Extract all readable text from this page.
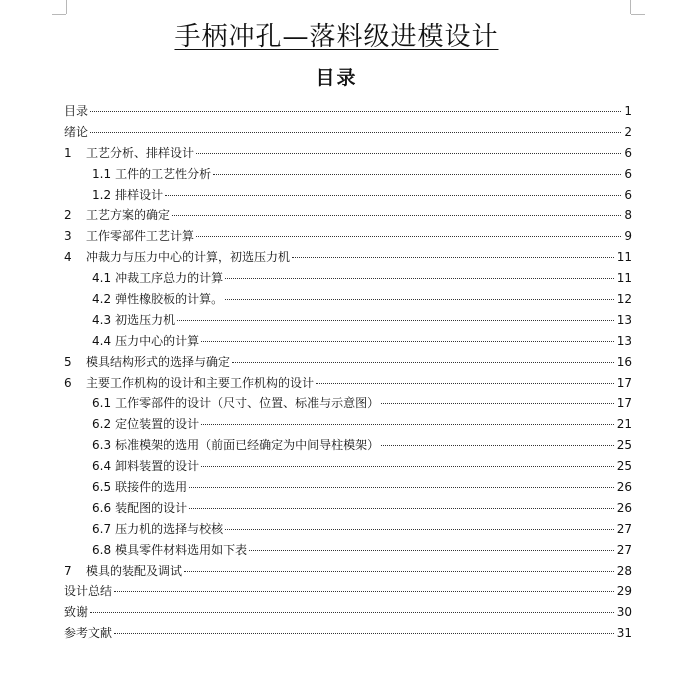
手柄冲孔—落料级进模设计
目录
目录	1
绪论	2
1	工艺分析、排样设计	6
1.1 工件的工艺性分析	6
1.2 排样设计	6
2	工艺方案的确定	8
3	工作零部件工艺计算	9
4	冲裁力与压力中心的计算，初选压力机	11
4.1 冲裁工序总力的计算	11
4.2 弹性橡胶板的计算。	12
4.3 初选压力机	13
4.4 压力中心的计算	13
5	模具结构形式的选择与确定	16
6	主要工作机构的设计和主要工作机构的设计	17
6.1 工作零部件的设计（尺寸、位置、标准与示意图）	17
6.2 定位装置的设计	21
6.3 标准模架的选用（前面已经确定为中间导柱模架）	25
6.4 卸料装置的设计	25
6.5 联接件的选用	26
6.6 装配图的设计	26
6.7 压力机的选择与校核	27
6.8 模具零件材料选用如下表	27
7	模具的装配及调试	28
设计总结	29
致谢	30
参考文献	31
